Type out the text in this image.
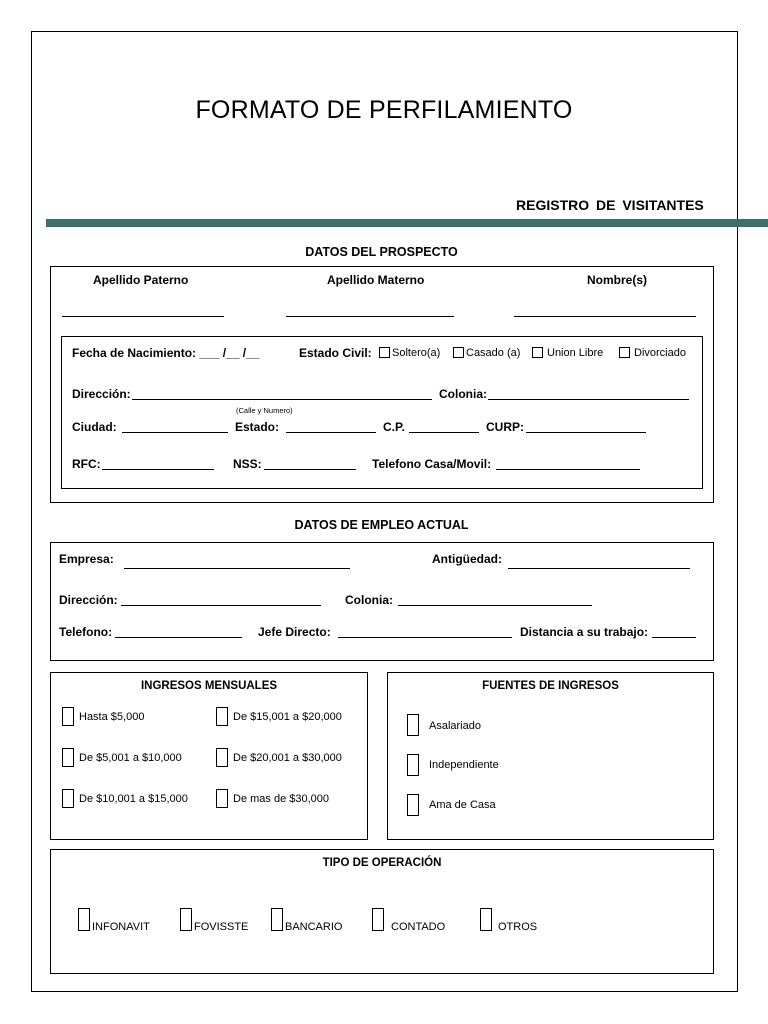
FORMATO DE PERFILAMIENTO
REGISTRO DE VISITANTES
DATOS DEL PROSPECTO
Apellido Paterno	Apellido Materno	Nombre(s)
Fecha de Nacimiento: ___ /__ /__	Estado Civil: Soltero(a) Casado (a) Union Libre	Divorciado
Dirección:	Colonia:
(Calle y Numero)
Ciudad:	Estado:	C.P.	CURP:
RFC:	NSS:	Telefono Casa/Movil:
DATOS DE EMPLEO ACTUAL
Empresa:	Antigüedad:
Dirección:	Colonia:
Telefono:	Jefe Directo:	Distancia a su trabajo:
INGRESOS MENSUALES
Hasta $5,000	De $15,001 a $20,000
De $5,001 a $10,000	De $20,001 a $30,000
De $10,001 a $15,000	De mas de $30,000
FUENTES DE INGRESOS
Asalariado
Independiente
Ama de Casa
TIPO DE OPERACIÓN
INFONAVIT	FOVISSTE	BANCARIO	CONTADO	OTROS
